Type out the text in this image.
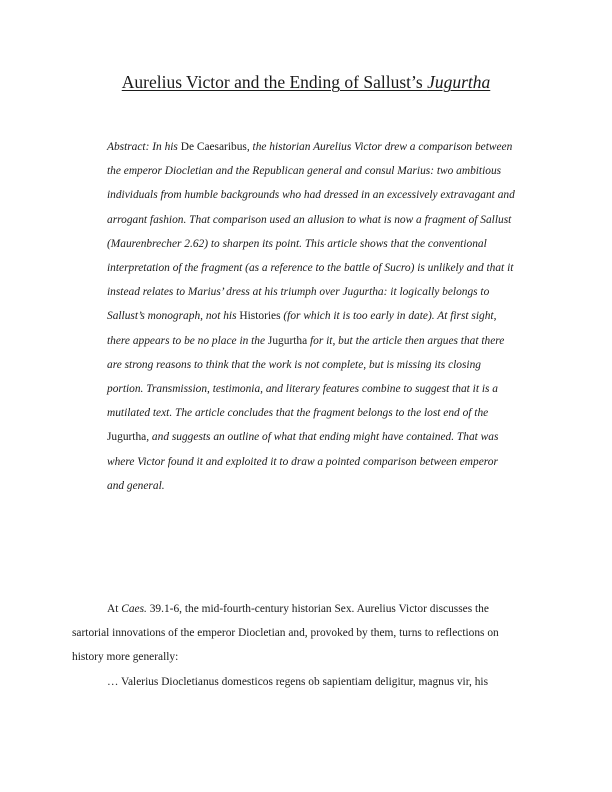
Aurelius Victor and the Ending of Sallust’s Jugurtha
Abstract: In his De Caesaribus, the historian Aurelius Victor drew a comparison between
the emperor Diocletian and the Republican general and consul Marius: two ambitious
individuals from humble backgrounds who had dressed in an excessively extravagant and
arrogant fashion. That comparison used an allusion to what is now a fragment of Sallust
(Maurenbrecher 2.62) to sharpen its point. This article shows that the conventional
interpretation of the fragment (as a reference to the battle of Sucro) is unlikely and that it
instead relates to Marius’ dress at his triumph over Jugurtha: it logically belongs to
Sallust’s monograph, not his Histories (for which it is too early in date). At first sight,
there appears to be no place in the Jugurtha for it, but the article then argues that there
are strong reasons to think that the work is not complete, but is missing its closing
portion. Transmission, testimonia, and literary features combine to suggest that it is a
mutilated text. The article concludes that the fragment belongs to the lost end of the
Jugurtha, and suggests an outline of what that ending might have contained. That was
where Victor found it and exploited it to draw a pointed comparison between emperor
and general.
At Caes. 39.1-6, the mid-fourth-century historian Sex. Aurelius Victor discusses the
sartorial innovations of the emperor Diocletian and, provoked by them, turns to reflections on
history more generally:
… Valerius Diocletianus domesticos regens ob sapientiam deligitur, magnus vir, his
